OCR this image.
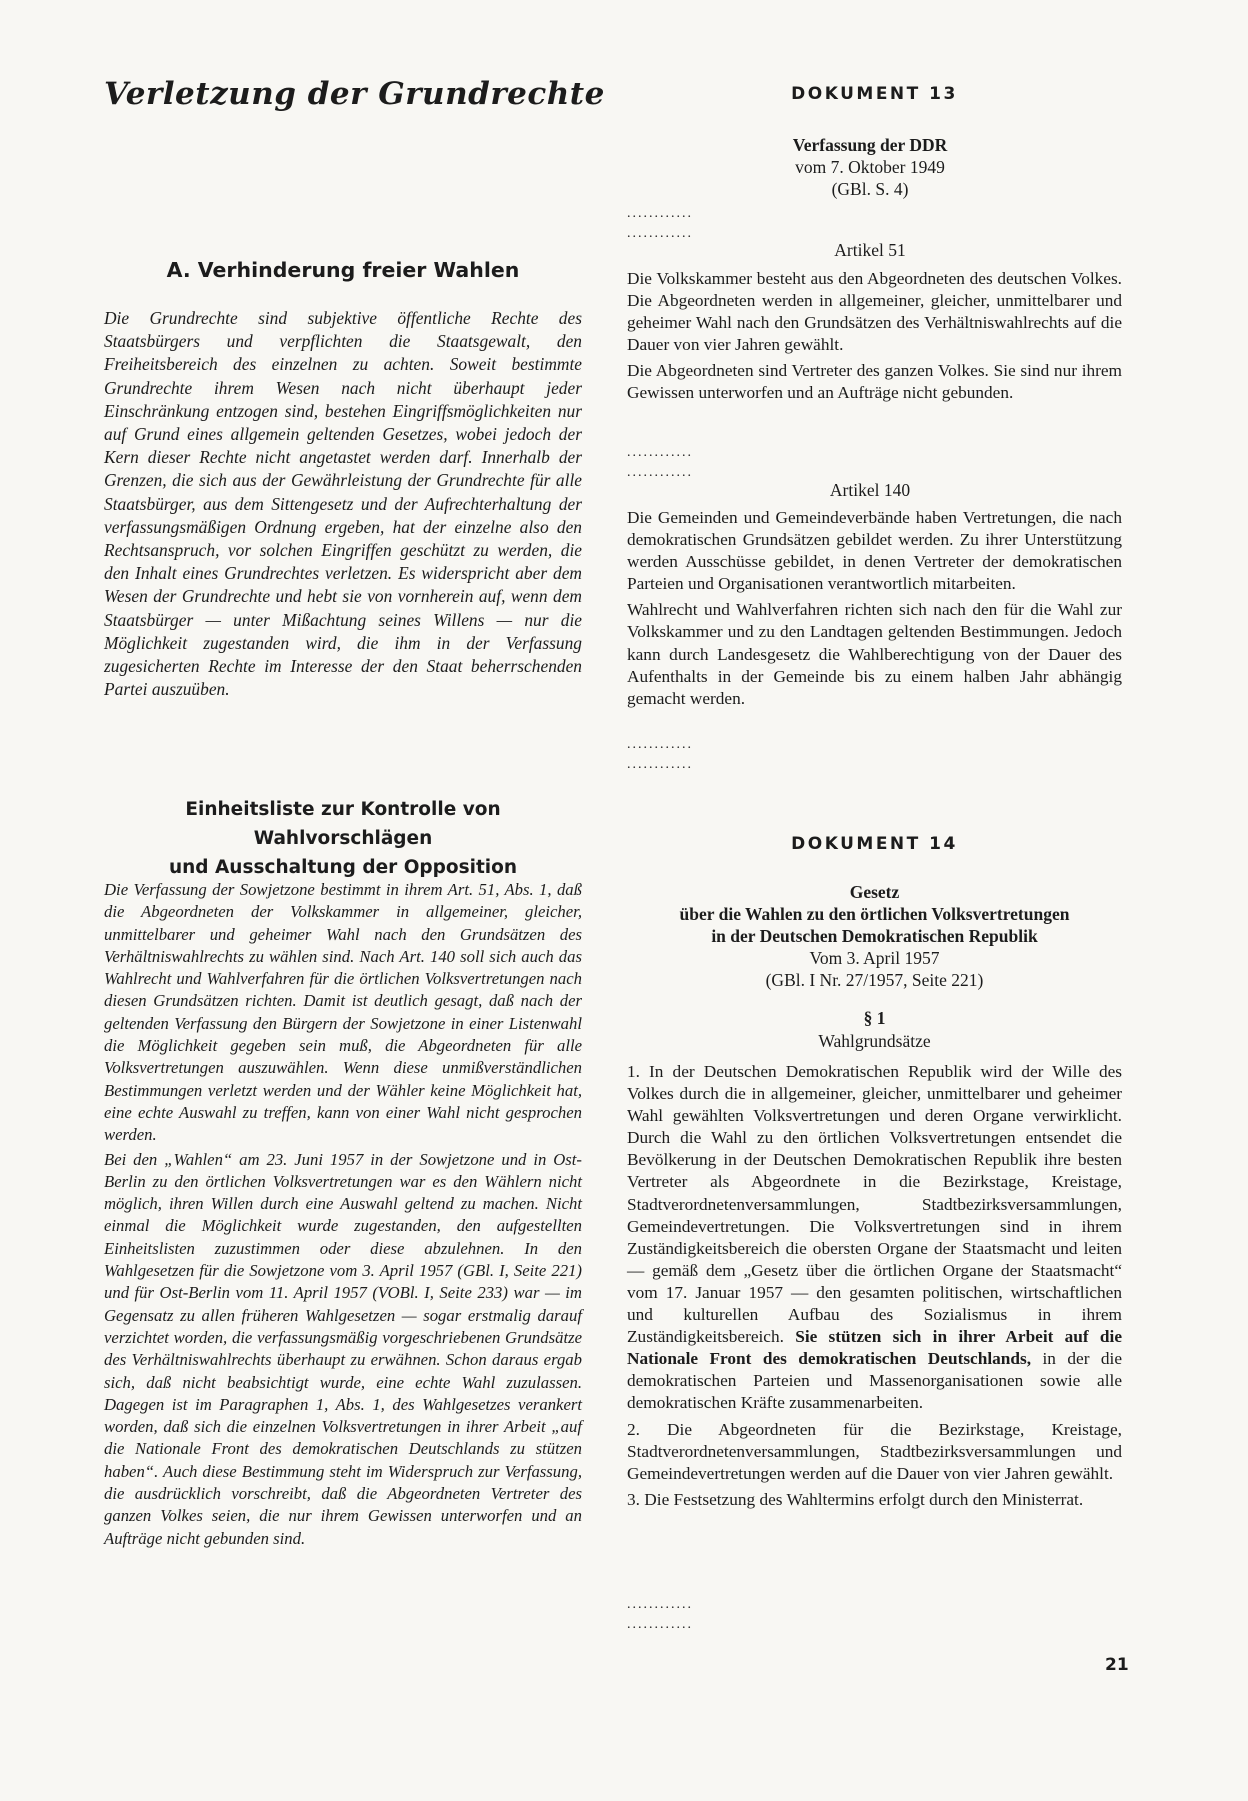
Verletzung der Grundrechte
A. Verhinderung freier Wahlen

Die Grundrechte sind subjektive öffentliche Rechte des Staatsbürgers und verpflichten die Staatsgewalt, den Freiheitsbereich des einzelnen zu achten. Soweit bestimmte Grundrechte ihrem Wesen nach nicht überhaupt jeder Einschränkung entzogen sind, bestehen Eingriffsmöglichkeiten nur auf Grund eines allgemein geltenden Gesetzes, wobei jedoch der Kern dieser Rechte nicht angetastet werden darf. Innerhalb der Grenzen, die sich aus der Gewährleistung der Grundrechte für alle Staatsbürger, aus dem Sittengesetz und der Aufrechterhaltung der verfassungsmäßigen Ordnung ergeben, hat der einzelne also den Rechtsanspruch, vor solchen Eingriffen geschützt zu werden, die den Inhalt eines Grundrechtes verletzen. Es widerspricht aber dem Wesen der Grundrechte und hebt sie von vornherein auf, wenn dem Staatsbürger — unter Mißachtung seines Willens — nur die Möglichkeit zugestanden wird, die ihm in der Verfassung zugesicherten Rechte im Interesse der den Staat beherrschenden Partei auszuüben.

Einheitsliste zur Kontrolle von Wahlvorschlägen
und Ausschaltung der Opposition

Die Verfassung der Sowjetzone bestimmt in ihrem Art. 51, Abs. 1, daß die Abgeordneten der Volkskammer in allgemeiner, gleicher, unmittelbarer und geheimer Wahl nach den Grundsätzen des Verhältniswahlrechts zu wählen sind. Nach Art. 140 soll sich auch das Wahlrecht und Wahlverfahren für die örtlichen Volksvertretungen nach diesen Grundsätzen richten. Damit ist deutlich gesagt, daß nach der geltenden Verfassung den Bürgern der Sowjetzone in einer Listenwahl die Möglichkeit gegeben sein muß, die Abgeordneten für alle Volksvertretungen auszuwählen. Wenn diese unmißverständlichen Bestimmungen verletzt werden und der Wähler keine Möglichkeit hat, eine echte Auswahl zu treffen, kann von einer Wahl nicht gesprochen werden.

Bei den „Wahlen“ am 23. Juni 1957 in der Sowjetzone und in Ost-Berlin zu den örtlichen Volksvertretungen war es den Wählern nicht möglich, ihren Willen durch eine Auswahl geltend zu machen. Nicht einmal die Möglichkeit wurde zugestanden, den aufgestellten Einheitslisten zuzustimmen oder diese abzulehnen. In den Wahlgesetzen für die Sowjetzone vom 3. April 1957 (GBl. I, Seite 221) und für Ost-Berlin vom 11. April 1957 (VOBl. I, Seite 233) war — im Gegensatz zu allen früheren Wahlgesetzen — sogar erstmalig darauf verzichtet worden, die verfassungsmäßig vorgeschriebenen Grundsätze des Verhältniswahlrechts überhaupt zu erwähnen. Schon daraus ergab sich, daß nicht beabsichtigt wurde, eine echte Wahl zuzulassen. Dagegen ist im Paragraphen 1, Abs. 1, des Wahlgesetzes verankert worden, daß sich die einzelnen Volksvertretungen in ihrer Arbeit „auf die Nationale Front des demokratischen Deutschlands zu stützen haben“. Auch diese Bestimmung steht im Widerspruch zur Verfassung, die ausdrücklich vorschreibt, daß die Abgeordneten Vertreter des ganzen Volkes seien, die nur ihrem Gewissen unterworfen und an Aufträge nicht gebunden sind.

DOKUMENT 13
Verfassung der DDR
vom 7. Oktober 1949
(GBl. S. 4)
............
............

Artikel 51

Die Volkskammer besteht aus den Abgeordneten des deutschen Volkes. Die Abgeordneten werden in allgemeiner, gleicher, unmittelbarer und geheimer Wahl nach den Grundsätzen des Verhältniswahlrechts auf die Dauer von vier Jahren gewählt.

Die Abgeordneten sind Vertreter des ganzen Volkes. Sie sind nur ihrem Gewissen unterworfen und an Aufträge nicht gebunden.

............
............

Artikel 140

Die Gemeinden und Gemeindeverbände haben Vertretungen, die nach demokratischen Grundsätzen gebildet werden. Zu ihrer Unterstützung werden Ausschüsse gebildet, in denen Vertreter der demokratischen Parteien und Organisationen verantwortlich mitarbeiten.

Wahlrecht und Wahlverfahren richten sich nach den für die Wahl zur Volkskammer und zu den Landtagen geltenden Bestimmungen. Jedoch kann durch Landesgesetz die Wahlberechtigung von der Dauer des Aufenthalts in der Gemeinde bis zu einem halben Jahr abhängig gemacht werden.

............
............
DOKUMENT 14
Gesetz
über die Wahlen zu den örtlichen Volksvertretungen
in der Deutschen Demokratischen Republik
Vom 3. April 1957
(GBl. I Nr. 27/1957, Seite 221)

§ 1

Wahlgrundsätze

1. In der Deutschen Demokratischen Republik wird der Wille des Volkes durch die in allgemeiner, gleicher, unmittelbarer und geheimer Wahl gewählten Volksvertretungen und deren Organe verwirklicht. Durch die Wahl zu den örtlichen Volksvertretungen entsendet die Bevölkerung in der Deutschen Demokratischen Republik ihre besten Vertreter als Abgeordnete in die Bezirkstage, Kreistage, Stadtverordnetenversammlungen, Stadtbezirksversammlungen, Gemeindevertretungen. Die Volksvertretungen sind in ihrem Zuständigkeitsbereich die obersten Organe der Staatsmacht und leiten — gemäß dem „Gesetz über die örtlichen Organe der Staatsmacht“ vom 17. Januar 1957 — den gesamten politischen, wirtschaftlichen und kulturellen Aufbau des Sozialismus in ihrem Zuständigkeitsbereich. Sie stützen sich in ihrer Arbeit auf die Nationale Front des demokratischen Deutschlands, in der die demokratischen Parteien und Massenorganisationen sowie alle demokratischen Kräfte zusammenarbeiten.

2. Die Abgeordneten für die Bezirkstage, Kreistage, Stadtverordnetenversammlungen, Stadtbezirksversammlungen und Gemeindevertretungen werden auf die Dauer von vier Jahren gewählt.

3. Die Festsetzung des Wahltermins erfolgt durch den Ministerrat.

............
............
21
